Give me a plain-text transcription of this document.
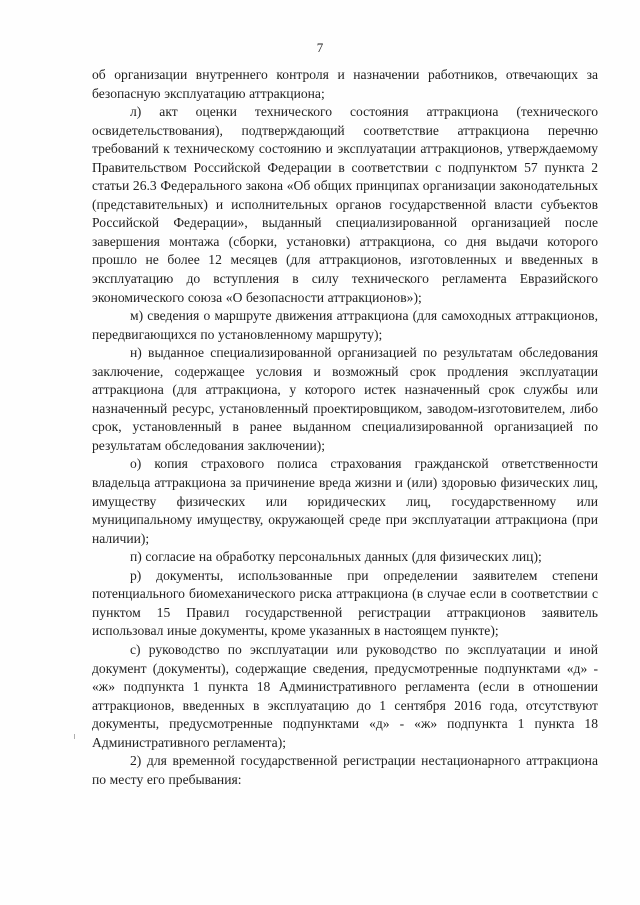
7

об организации внутреннего контроля и назначении работников, отвечающих за безопасную эксплуатацию аттракциона;

л) акт оценки технического состояния аттракциона (технического освидетельствования), подтверждающий соответствие аттракциона перечню требований к техническому состоянию и эксплуатации аттракционов, утверждаемому Правительством Российской Федерации в соответствии с подпунктом 57 пункта 2 статьи 26.3 Федерального закона «Об общих принципах организации законодательных (представительных) и исполнительных органов государственной власти субъектов Российской Федерации», выданный специализированной организацией после завершения монтажа (сборки, установки) аттракциона, со дня выдачи которого прошло не более 12 месяцев (для аттракционов, изготовленных и введенных в эксплуатацию до вступления в силу технического регламента Евразийского экономического союза «О безопасности аттракционов»);

м) сведения о маршруте движения аттракциона (для самоходных аттракционов, передвигающихся по установленному маршруту);

н) выданное специализированной организацией по результатам обследования заключение, содержащее условия и возможный срок продления эксплуатации аттракциона (для аттракциона, у которого истек назначенный срок службы или назначенный ресурс, установленный проектировщиком, заводом-изготовителем, либо срок, установленный в ранее выданном специализированной организацией по результатам обследования заключении);

о) копия страхового полиса страхования гражданской ответственности владельца аттракциона за причинение вреда жизни и (или) здоровью физических лиц, имуществу физических или юридических лиц, государственному или муниципальному имуществу, окружающей среде при эксплуатации аттракциона (при наличии);

п) согласие на обработку персональных данных (для физических лиц);

р) документы, использованные при определении заявителем степени потенциального биомеханического риска аттракциона (в случае если в соответствии с пунктом 15 Правил государственной регистрации аттракционов заявитель использовал иные документы, кроме указанных в настоящем пункте);

с) руководство по эксплуатации или руководство по эксплуатации и иной документ (документы), содержащие сведения, предусмотренные подпунктами «д» - «ж» подпункта 1 пункта 18 Административного регламента (если в отношении аттракционов, введенных в эксплуатацию до 1 сентября 2016 года, отсутствуют документы, предусмотренные подпунктами «д» - «ж» подпункта 1 пункта 18 Административного регламента);

2) для временной государственной регистрации нестационарного аттракциона по месту его пребывания:
